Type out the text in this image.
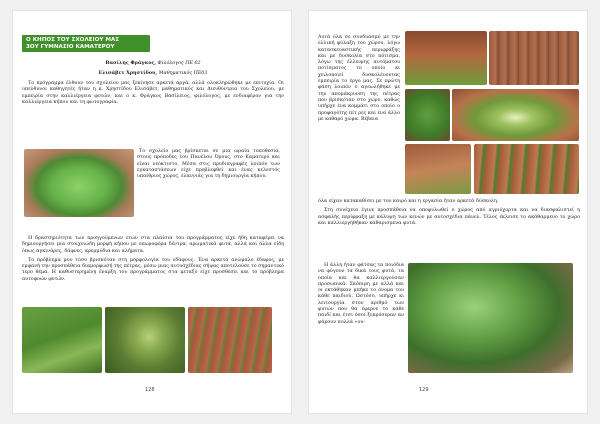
Ο ΚΗΠΟΣ ΤΟΥ ΣΧΟΛΕΙΟΥ ΜΑΣ
3ΟΥ ΓΥΜΝΑΣΙΟ ΚΑΜΑΤΕΡΟΥ
Βασίλης Φράγκος, Φιλόλογος ΠΕ 02
Ελισάβετ Χρηστίδου, Μαθηματικός ΠΕ03

Το πρόγραμμα έλθουν του σχολείου μας ξεκίνησε αρκετά αργά, αλλά ολοκληρώθηκε με επιτυχία. Οι υπεύθυνοι καθηγητές ήταν η κ. Χρηστίδου Ελισάβετ, μαθηματικός και Διευθύντρια του Σχολείου, με εμπειρία στην καλλιέργεια φυτών, και ο κ. Φράγκος Βασίλειος, φιλόλογος, με ενδιαφέρον για την καλλιέργεια κήπου και τη φωτογραφία.

Το σχολείο μας βρίσκεται σε μια ωραία τοποθεσία, στους πρόποδες του Πανέλου Όρους, στο Καματερό και είναι νεόκτιστο. Μέσα στις προδιαγραφές λοιπόν των εγκαταστάσεων είχε προβλεφθεί και ένας κελεστός υπαίθριος χώρος, έλαννιάς για τη δημιουργία κήπου.

Η δραστηριότητα των προηγούμενων ετών στα πλαίσια του προγράμματος είχε ήδη καταφέρει να δημιουργήσει μια στοιχειώδη μορφή κήπου με οπωροφόρα δέντρα, αρωματικά φυτά, αλλά και άλλα είδη όπως αγκινάρες, δάφνες, κρεμμύδια και αλήματα.

Το πρόβλημα μου τόσο βρισκόταν στη μορφολογία του εδάφους. Ένα αρκετά ανώμαλο έδαφος, με εμφανή την προσπάθεια διαμορφωσή της πέτρας, μέσω μιας αυτοσχέδιας σήψας αποτελούσε το σημαντικό τερο θέμα. Η καθυστερημένη έναρξη του προγράμματος στα μεταξύ είχε προσθέσει και το πρόβλημα αυτοφυών φυτών.

128

Αυτά όλα σε συνδυασμό με την ελλιπή φύλαξη του χώρου, λόγω κατασκευαστικής περιφράξης και με δυσκολία στο πότισμα, λόγω της έλλειψης αυτόματου ποτίσματος το οποίο κι χειλοποιεί δυσκολέυοντας εμπειρία το έργο μας. Σε πρώτη φάση λοιπόν ο αγεωλήθηκε με την απομάκρυνση της πέτρας που βρισκόταν στο χώρο, καθώς υπήρχε ένα κομμάτι στο οποίο ο προφαγότης πίτ ρες και ένα άλλο με καθαρό χώμα. Βέβαια

όλα είχαν κατακαθίσει με τον καιρό και η εργασία ήταν αρκετά δύσκολη.

Στη συνέχεια έγινε προσπάθεια να οποφυλωθεί ο χώρος από αγριόχορτα και να διασφαλιστεί η ασφαλής περίφραξη με κάλυψη των κενών με αυτοσχέδια πάνελ. Τέλος έκλεισε το ακάθαρμενο το χώρο και καλλιεργηθήκαν καθαρισμένα φυτά.

Η άλλη ήταν φάτσας τα ποιόδια να φύγουν τα δικά τους φυτά, τα οποία και θα καλλιεργούσαν προσωπικά. Σκόπιμη με αλλά και οι εκτάθηκαν μπήκε το όνομα του κάθε παιδιού. Ωστόσο, υπήρχε κι λειτουργία στον αριθμό των φυτών που θα έφερνε το κάθε παιδί και έτσι όσοι ξεπρόσεραν αν φάρουν πολλά «ου-

129
